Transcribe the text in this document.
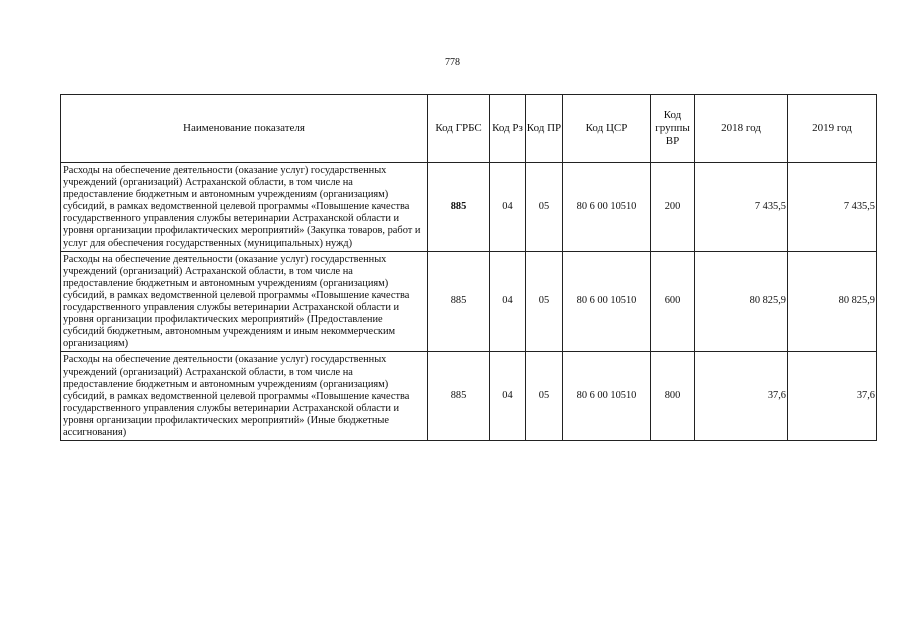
778
Наименование показателя	Код ГРБС	Код Рз	Код ПР	Код ЦСР	Код группы ВР	2018 год	2019 год
Расходы на обеспечение деятельности (оказание услуг) государственных учреждений (организаций) Астраханской области, в том числе на предоставление бюджетным и автономным учреждениям (организациям) субсидий, в рамках ведомственной целевой программы «Повышение качества государственного управления службы ветеринарии Астраханской области и уровня организации профилактических мероприятий» (Закупка товаров, работ и услуг для обеспечения государственных (муниципальных) нужд)	885	04	05	80 6 00 10510	200	7 435,5	7 435,5
Расходы на обеспечение деятельности (оказание услуг) государственных учреждений (организаций) Астраханской области, в том числе на предоставление бюджетным и автономным учреждениям (организациям) субсидий, в рамках ведомственной целевой программы «Повышение качества государственного управления службы ветеринарии Астраханской области и уровня организации профилактических мероприятий» (Предоставление субсидий бюджетным, автономным учреждениям и иным некоммерческим организациям)	885	04	05	80 6 00 10510	600	80 825,9	80 825,9
Расходы на обеспечение деятельности (оказание услуг) государственных учреждений (организаций) Астраханской области, в том числе на предоставление бюджетным и автономным учреждениям (организациям) субсидий, в рамках ведомственной целевой программы «Повышение качества государственного управления службы ветеринарии Астраханской области и уровня организации профилактических мероприятий» (Иные бюджетные ассигнования)	885	04	05	80 6 00 10510	800	37,6	37,6
